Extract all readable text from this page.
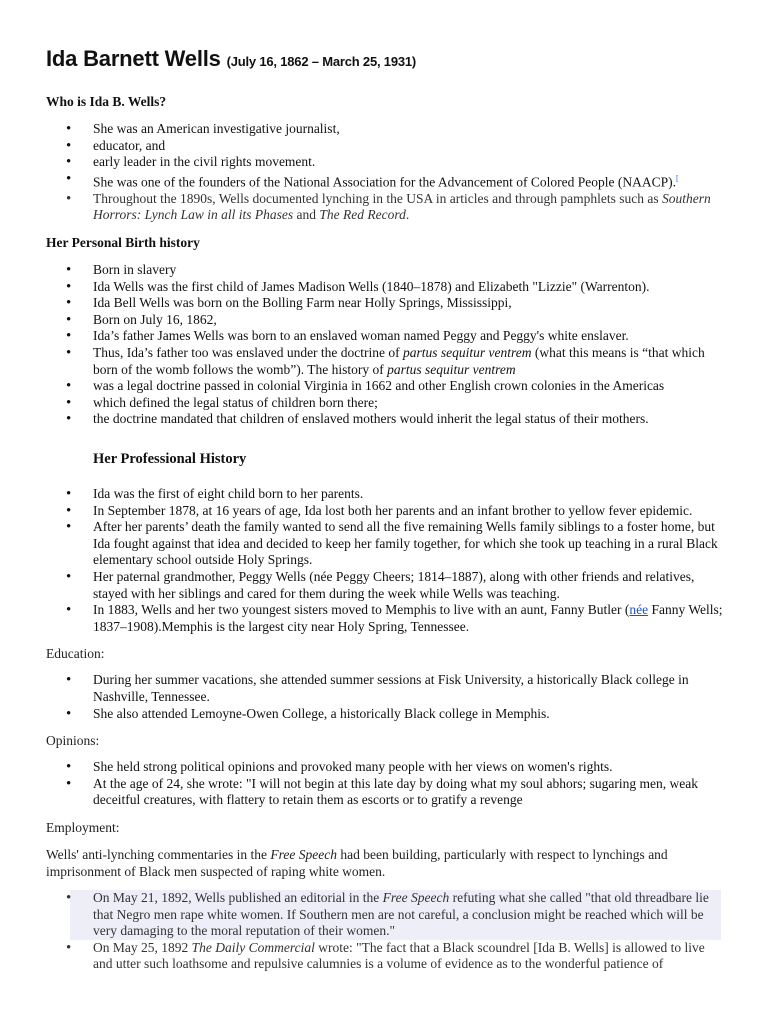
Ida Barnett Wells (July 16, 1862 – March 25, 1931)
Who is Ida B. Wells?
• She was an American investigative journalist,
• educator, and
• early leader in the civil rights movement.
• She was one of the founders of the National Association for the Advancement of Colored People (NAACP).[
• Throughout the 1890s, Wells documented lynching in the USA in articles and through pamphlets such as Southern Horrors: Lynch Law in all its Phases and The Red Record.
Her Personal Birth history
• Born in slavery
• Ida Wells was the first child of James Madison Wells (1840–1878) and Elizabeth "Lizzie" (Warrenton).
• Ida Bell Wells was born on the Bolling Farm near Holly Springs, Mississippi,
• Born on July 16, 1862,
• Ida’s father James Wells was born to an enslaved woman named Peggy and Peggy's white enslaver.
• Thus, Ida’s father too was enslaved under the doctrine of partus sequitur ventrem (what this means is “that which born of the womb follows the womb”). The history of partus sequitur ventrem
• was a legal doctrine passed in colonial Virginia in 1662 and other English crown colonies in the Americas
• which defined the legal status of children born there;
• the doctrine mandated that children of enslaved mothers would inherit the legal status of their mothers.
Her Professional History
• Ida was the first of eight child born to her parents.
• In September 1878, at 16 years of age, Ida lost both her parents and an infant brother to yellow fever epidemic.
• After her parents’ death the family wanted to send all the five remaining Wells family siblings to a foster home, but Ida fought against that idea and decided to keep her family together, for which she took up teaching in a rural Black elementary school outside Holy Springs.
• Her paternal grandmother, Peggy Wells (née Peggy Cheers; 1814–1887), along with other friends and relatives, stayed with her siblings and cared for them during the week while Wells was teaching.
• In 1883, Wells and her two youngest sisters moved to Memphis to live with an aunt, Fanny Butler (née Fanny Wells; 1837–1908).Memphis is the largest city near Holy Spring, Tennessee.
Education:
• During her summer vacations, she attended summer sessions at Fisk University, a historically Black college in Nashville, Tennessee.
• She also attended Lemoyne-Owen College, a historically Black college in Memphis.
Opinions:
• She held strong political opinions and provoked many people with her views on women's rights.
• At the age of 24, she wrote: "I will not begin at this late day by doing what my soul abhors; sugaring men, weak deceitful creatures, with flattery to retain them as escorts or to gratify a revenge
Employment:

Wells' anti-lynching commentaries in the Free Speech had been building, particularly with respect to lynchings and imprisonment of Black men suspected of raping white women.

• On May 21, 1892, Wells published an editorial in the Free Speech refuting what she called "that old threadbare lie that Negro men rape white women. If Southern men are not careful, a conclusion might be reached which will be very damaging to the moral reputation of their women."
• On May 25, 1892 The Daily Commercial wrote: "The fact that a Black scoundrel [Ida B. Wells] is allowed to live and utter such loathsome and repulsive calumnies is a volume of evidence as to the wonderful patience of
